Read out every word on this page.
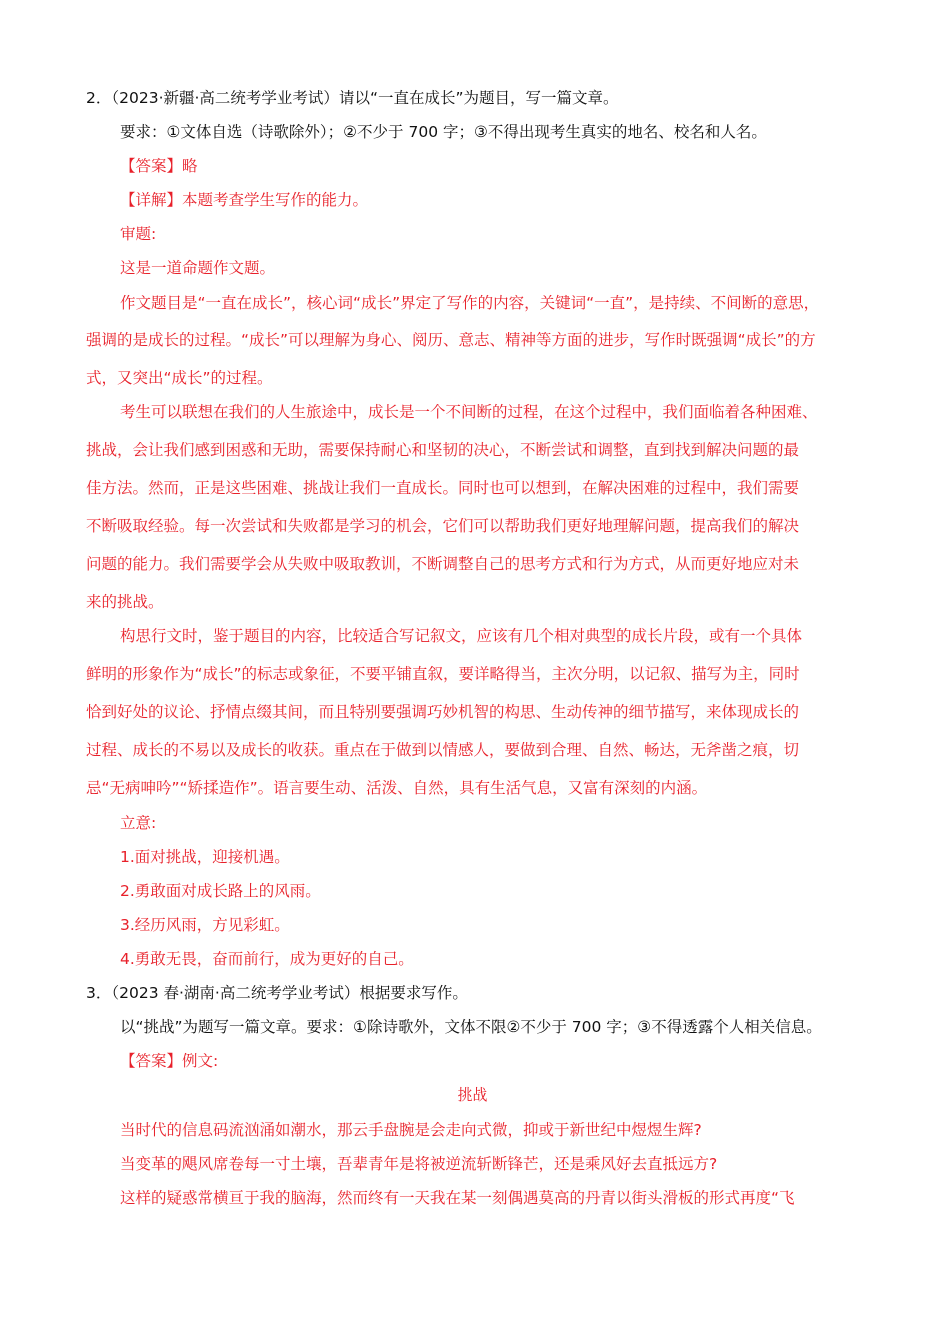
2．（2023·新疆·高二统考学业考试）请以“一直在成长”为题目，写一篇文章。
要求：①文体自选（诗歌除外）；②不少于 700 字；③不得出现考生真实的地名、校名和人名。
【答案】略
【详解】本题考查学生写作的能力。
审题:
这是一道命题作文题。
作文题目是“一直在成长”，核心词“成长”界定了写作的内容，关键词“一直”，是持续、不间断的意思，
强调的是成长的过程。“成长”可以理解为身心、阅历、意志、精神等方面的进步，写作时既强调“成长”的方
式，又突出“成长”的过程。
考生可以联想在我们的人生旅途中，成长是一个不间断的过程，在这个过程中，我们面临着各种困难、
挑战，会让我们感到困惑和无助，需要保持耐心和坚韧的决心，不断尝试和调整，直到找到解决问题的最
佳方法。然而，正是这些困难、挑战让我们一直成长。同时也可以想到，在解决困难的过程中，我们需要
不断吸取经验。每一次尝试和失败都是学习的机会，它们可以帮助我们更好地理解问题，提高我们的解决
问题的能力。我们需要学会从失败中吸取教训，不断调整自己的思考方式和行为方式，从而更好地应对未
来的挑战。
构思行文时，鉴于题目的内容，比较适合写记叙文，应该有几个相对典型的成长片段，或有一个具体
鲜明的形象作为“成长”的标志或象征，不要平铺直叙，要详略得当，主次分明，以记叙、描写为主，同时
恰到好处的议论、抒情点缀其间，而且特别要强调巧妙机智的构思、生动传神的细节描写，来体现成长的
过程、成长的不易以及成长的收获。重点在于做到以情感人，要做到合理、自然、畅达，无斧凿之痕，切
忌“无病呻吟”“矫揉造作”。语言要生动、活泼、自然，具有生活气息，又富有深刻的内涵。
立意:
1.面对挑战，迎接机遇。
2.勇敢面对成长路上的风雨。
3.经历风雨，方见彩虹。
4.勇敢无畏，奋而前行，成为更好的自己。
3．（2023 春·湖南·高二统考学业考试）根据要求写作。
以“挑战”为题写一篇文章。要求：①除诗歌外，文体不限②不少于 700 字；③不得透露个人相关信息。
【答案】例文:
挑战
当时代的信息码流汹涌如潮水，那云手盘腕是会走向式微，抑或于新世纪中煜煜生辉?
当变革的飓风席卷每一寸土壤，吾辈青年是将被逆流斩断锋芒，还是乘风好去直抵远方?
这样的疑惑常横亘于我的脑海，然而终有一天我在某一刻偶遇莫高的丹青以街头滑板的形式再度“飞
